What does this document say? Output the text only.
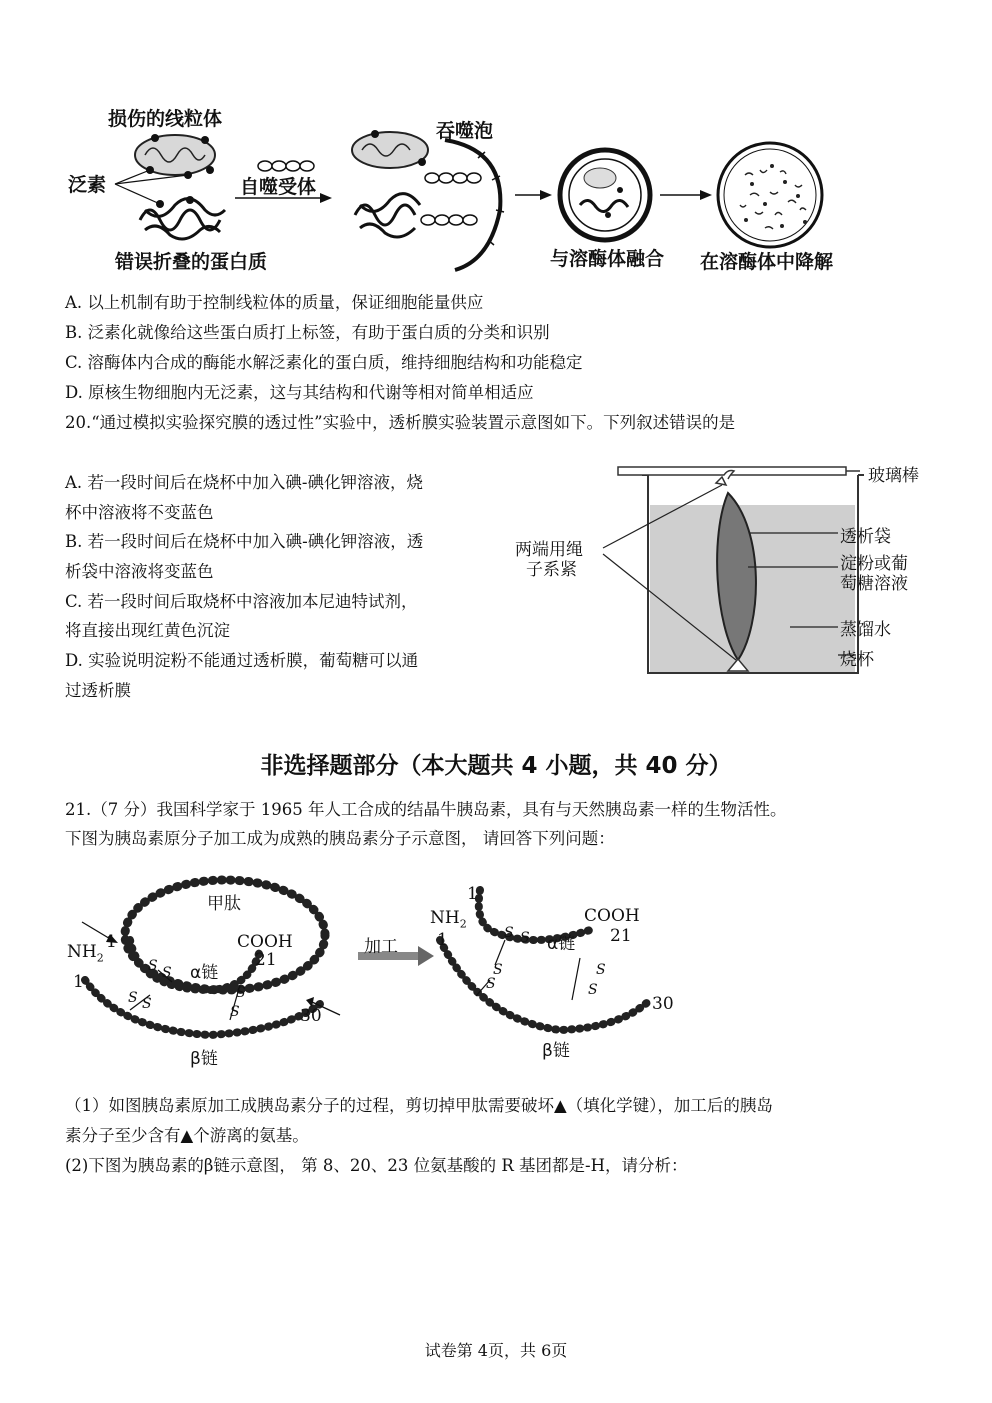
损伤的线粒体
泛素	自噬受体
吞噬泡
错误折叠的蛋白质	与溶酶体融合 在溶酶体中降解
A. 以上机制有助于控制线粒体的质量，保证细胞能量供应
B. 泛素化就像给这些蛋白质打上标签，有助于蛋白质的分类和识别
C. 溶酶体内合成的酶能水解泛素化的蛋白质，维持细胞结构和功能稳定
D. 原核生物细胞内无泛素，这与其结构和代谢等相对简单相适应
20.“通过模拟实验探究膜的透过性”实验中，透析膜实验装置示意图如下。下列叙述错误的是
A. 若一段时间后在烧杯中加入碘-碘化钾溶液，烧
杯中溶液将不变蓝色
B. 若一段时间后在烧杯中加入碘-碘化钾溶液，透
析袋中溶液将变蓝色
C. 若一段时间后取烧杯中溶液加本尼迪特试剂，
将直接出现红黄色沉淀
D. 实验说明淀粉不能通过透析膜，葡萄糖可以通
过透析膜
玻璃棒
透析袋
淀粉或葡
萄糖溶液
蒸馏水
烧杯
两端用绳
子系紧
非选择题部分（本大题共 4 小题，共 40 分）
21.（7 分）我国科学家于 1965 年人工合成的结晶牛胰岛素，具有与天然胰岛素一样的生物活性。
下图为胰岛素原分子加工成为成熟的胰岛素分子示意图， 请回答下列问题：
甲肽
$NH_2$
1
1
COOH
21
30
α链
β链
S S
S S
S
S
加工
1
$NH_2$
1
COOH
21
30
α链
β链
S S
S
S
S
S
（1）如图胰岛素原加工成胰岛素分子的过程，剪切掉甲肽需要破坏▲（填化学键），加工后的胰岛
素分子至少含有▲个游离的氨基。
(2)下图为胰岛素的β链示意图， 第 8、20、23 位氨基酸的 R 基团都是-H，请分析：
试卷第 4页，共 6页
